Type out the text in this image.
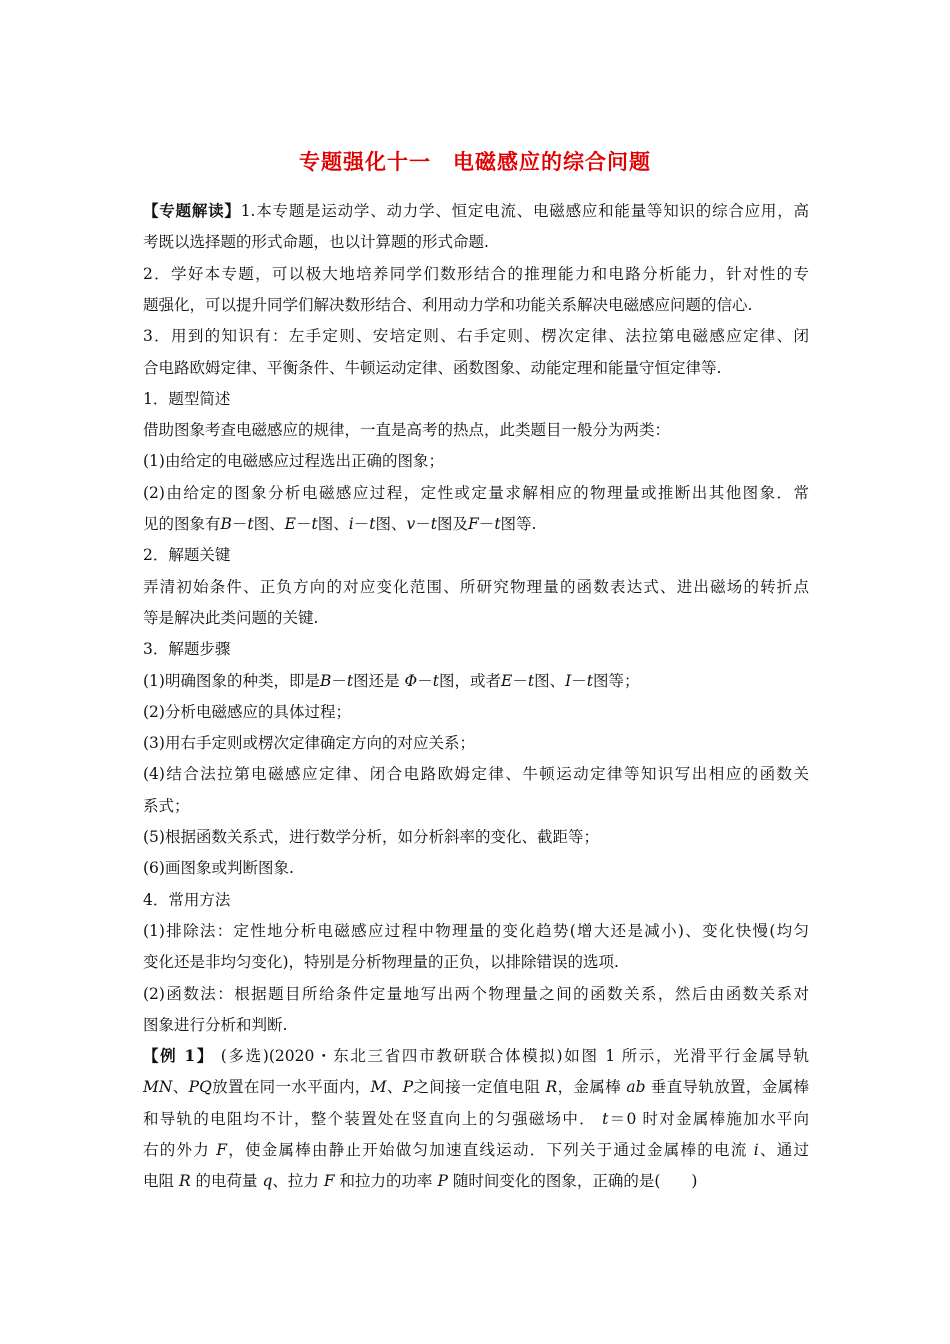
专题强化十一　电磁感应的综合问题
【专题解读】1.本专题是运动学、动力学、恒定电流、电磁感应和能量等知识的综合应用，高
考既以选择题的形式命题，也以计算题的形式命题.
2．学好本专题，可以极大地培养同学们数形结合的推理能力和电路分析能力，针对性的专
题强化，可以提升同学们解决数形结合、利用动力学和功能关系解决电磁感应问题的信心.
3．用到的知识有：左手定则、安培定则、右手定则、楞次定律、法拉第电磁感应定律、闭
合电路欧姆定律、平衡条件、牛顿运动定律、函数图象、动能定理和能量守恒定律等.
1．题型简述
借助图象考查电磁感应的规律，一直是高考的热点，此类题目一般分为两类：
(1)由给定的电磁感应过程选出正确的图象；
(2)由给定的图象分析电磁感应过程，定性或定量求解相应的物理量或推断出其他图象．常
见的图象有B－t图、E－t图、i－t图、v－t图及F－t图等.
2．解题关键
弄清初始条件、正负方向的对应变化范围、所研究物理量的函数表达式、进出磁场的转折点
等是解决此类问题的关键.
3．解题步骤
(1)明确图象的种类，即是B－t图还是 Φ－t图，或者E－t图、I－t图等；
(2)分析电磁感应的具体过程；
(3)用右手定则或楞次定律确定方向的对应关系；
(4)结合法拉第电磁感应定律、闭合电路欧姆定律、牛顿运动定律等知识写出相应的函数关
系式；
(5)根据函数关系式，进行数学分析，如分析斜率的变化、截距等；
(6)画图象或判断图象.
4．常用方法
(1)排除法：定性地分析电磁感应过程中物理量的变化趋势(增大还是减小)、变化快慢(均匀
变化还是非均匀变化)，特别是分析物理量的正负，以排除错误的选项.
(2)函数法：根据题目所给条件定量地写出两个物理量之间的函数关系，然后由函数关系对
图象进行分析和判断.
【例 1】 (多选)(2020・东北三省四市教研联合体模拟)如图 1 所示，光滑平行金属导轨
MN、PQ放置在同一水平面内，M、P之间接一定值电阻 R，金属棒 ab 垂直导轨放置，金属棒
和导轨的电阻均不计，整个装置处在竖直向上的匀强磁场中． t＝0 时对金属棒施加水平向
右的外力 F，使金属棒由静止开始做匀加速直线运动．下列关于通过金属棒的电流 i、通过
电阻 R 的电荷量 q、拉力 F 和拉力的功率 P 随时间变化的图象，正确的是(　　)
